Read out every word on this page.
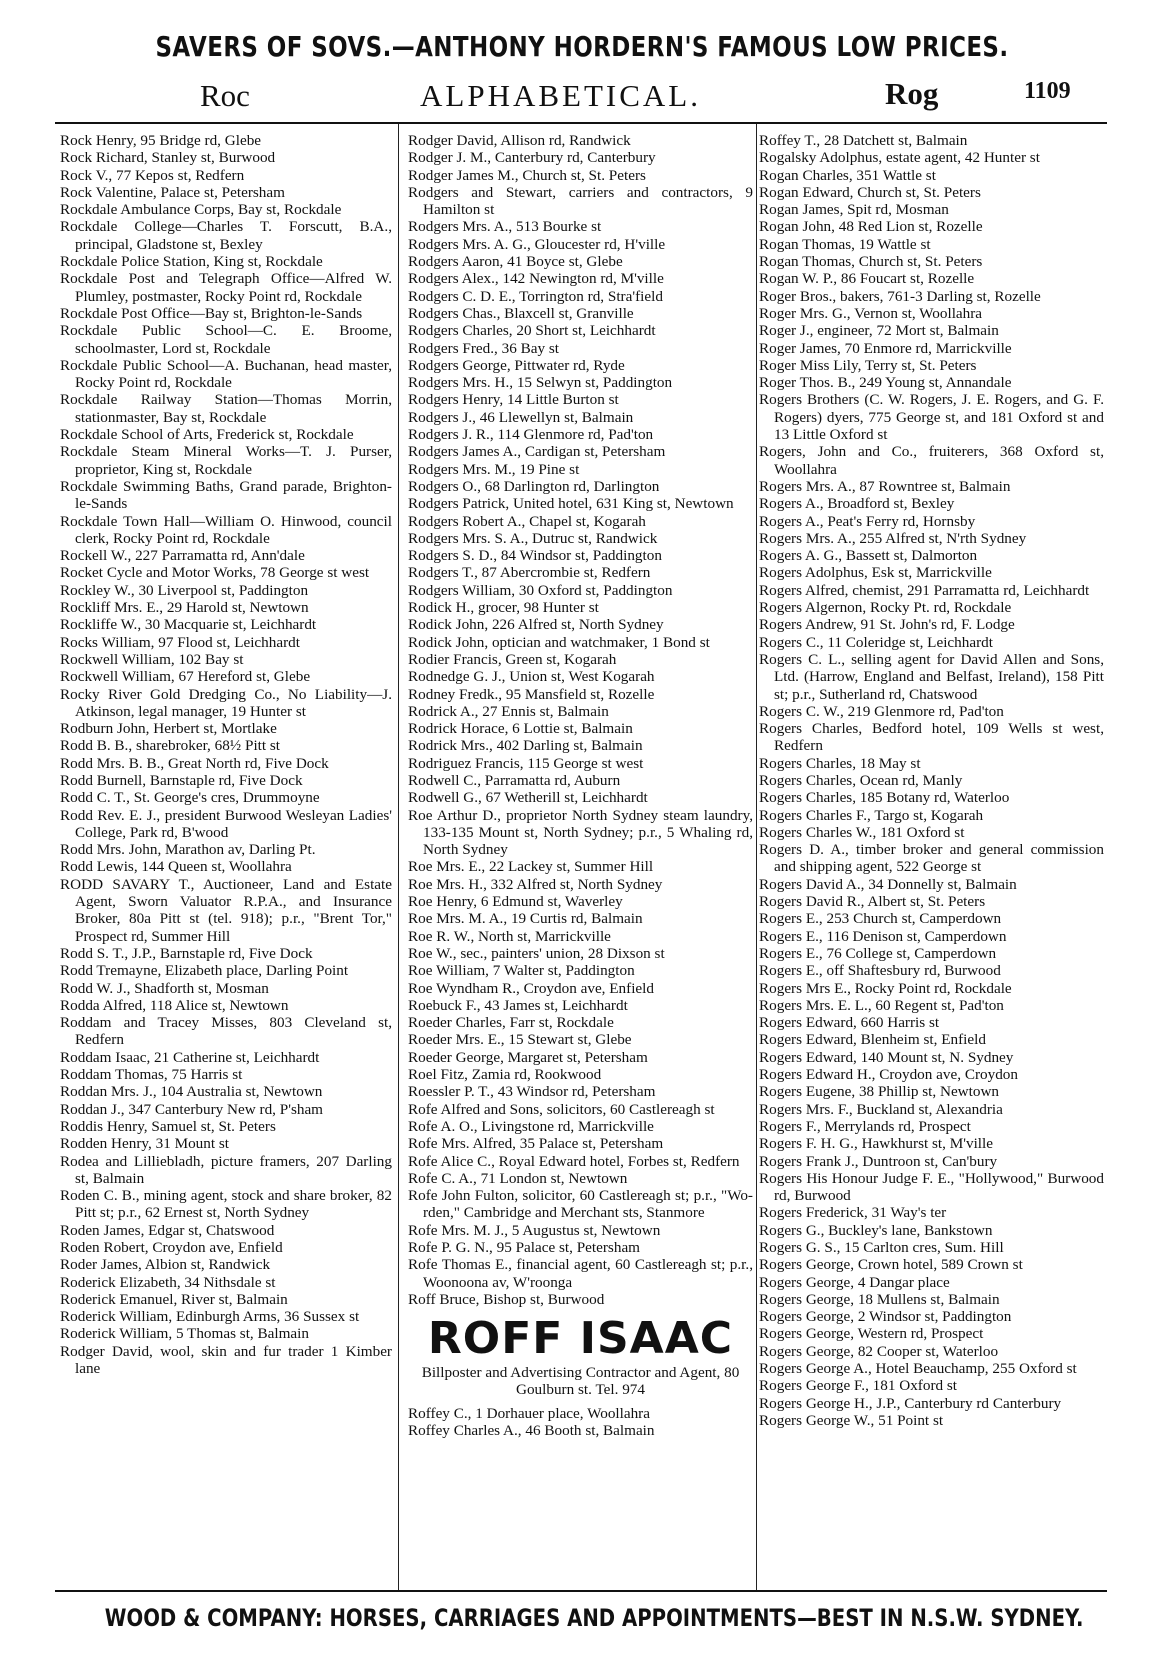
SAVERS OF SOVS.—ANTHONY HORDERN'S FAMOUS LOW PRICES.
Roc	ALPHABETICAL.	Rog	1109

Rock Henry, 95 Bridge rd, Glebe

Rock Richard, Stanley st, Burwood

Rock V., 77 Kepos st, Redfern

Rock Valentine, Palace st, Petersham

Rockdale Ambulance Corps, Bay st, Rockdale

Rockdale College—Charles T. Forscutt, B.A., principal, Gladstone st, Bexley

Rockdale Police Station, King st, Rockdale

Rockdale Post and Telegraph Office—Alfred W. Plumley, postmaster, Rocky Point rd, Rockdale

Rockdale Post Office—Bay st, Brighton-le-Sands

Rockdale Public School—C. E. Broome, schoolmaster, Lord st, Rockdale

Rockdale Public School—A. Buchanan, head master, Rocky Point rd, Rockdale

Rockdale Railway Station—Thomas Morrin, stationmaster, Bay st, Rockdale

Rockdale School of Arts, Frederick st, Rockdale

Rockdale Steam Mineral Works—T. J. Purser, proprietor, King st, Rockdale

Rockdale Swimming Baths, Grand parade, Brighton-le-Sands

Rockdale Town Hall—William O. Hinwood, council clerk, Rocky Point rd, Rockdale

Rockell W., 227 Parramatta rd, Ann'dale

Rocket Cycle and Motor Works, 78 George st west

Rockley W., 30 Liverpool st, Paddington

Rockliff Mrs. E., 29 Harold st, Newtown

Rockliffe W., 30 Macquarie st, Leichhardt

Rocks William, 97 Flood st, Leichhardt

Rockwell William, 102 Bay st

Rockwell William, 67 Hereford st, Glebe

Rocky River Gold Dredging Co., No Liability—J. Atkinson, legal manager, 19 Hunter st

Rodburn John, Herbert st, Mortlake

Rodd B. B., sharebroker, 68½ Pitt st

Rodd Mrs. B. B., Great North rd, Five Dock

Rodd Burnell, Barnstaple rd, Five Dock

Rodd C. T., St. George's cres, Drummoyne

Rodd Rev. E. J., president Burwood Wesleyan Ladies' College, Park rd, B'wood

Rodd Mrs. John, Marathon av, Darling Pt.

Rodd Lewis, 144 Queen st, Woollahra

RODD SAVARY T., Auctioneer, Land and Estate Agent, Sworn Valuator R.P.A., and Insurance Broker, 80a Pitt st (tel. 918); p.r., "Brent Tor," Prospect rd, Summer Hill

Rodd S. T., J.P., Barnstaple rd, Five Dock

Rodd Tremayne, Elizabeth place, Darling Point

Rodd W. J., Shadforth st, Mosman

Rodda Alfred, 118 Alice st, Newtown

Roddam and Tracey Misses, 803 Cleveland st, Redfern

Roddam Isaac, 21 Catherine st, Leichhardt

Roddam Thomas, 75 Harris st

Roddan Mrs. J., 104 Australia st, Newtown

Roddan J., 347 Canterbury New rd, P'sham

Roddis Henry, Samuel st, St. Peters

Rodden Henry, 31 Mount st

Rodea and Lilliebladh, picture framers, 207 Darling st, Balmain

Roden C. B., mining agent, stock and share broker, 82 Pitt st; p.r., 62 Ernest st, North Sydney

Roden James, Edgar st, Chatswood

Roden Robert, Croydon ave, Enfield

Roder James, Albion st, Randwick

Roderick Elizabeth, 34 Nithsdale st

Roderick Emanuel, River st, Balmain

Roderick William, Edinburgh Arms, 36 Sussex st

Roderick William, 5 Thomas st, Balmain

Rodger David, wool, skin and fur trader 1 Kimber lane

Rodger David, Allison rd, Randwick

Rodger J. M., Canterbury rd, Canterbury

Rodger James M., Church st, St. Peters

Rodgers and Stewart, carriers and contractors, 9 Hamilton st

Rodgers Mrs. A., 513 Bourke st

Rodgers Mrs. A. G., Gloucester rd, H'ville

Rodgers Aaron, 41 Boyce st, Glebe

Rodgers Alex., 142 Newington rd, M'ville

Rodgers C. D. E., Torrington rd, Stra'field

Rodgers Chas., Blaxcell st, Granville

Rodgers Charles, 20 Short st, Leichhardt

Rodgers Fred., 36 Bay st

Rodgers George, Pittwater rd, Ryde

Rodgers Mrs. H., 15 Selwyn st, Paddington

Rodgers Henry, 14 Little Burton st

Rodgers J., 46 Llewellyn st, Balmain

Rodgers J. R., 114 Glenmore rd, Pad'ton

Rodgers James A., Cardigan st, Petersham

Rodgers Mrs. M., 19 Pine st

Rodgers O., 68 Darlington rd, Darlington

Rodgers Patrick, United hotel, 631 King st, Newtown

Rodgers Robert A., Chapel st, Kogarah

Rodgers Mrs. S. A., Dutruc st, Randwick

Rodgers S. D., 84 Windsor st, Paddington

Rodgers T., 87 Abercrombie st, Redfern

Rodgers William, 30 Oxford st, Paddington

Rodick H., grocer, 98 Hunter st

Rodick John, 226 Alfred st, North Sydney

Rodick John, optician and watchmaker, 1 Bond st

Rodier Francis, Green st, Kogarah

Rodnedge G. J., Union st, West Kogarah

Rodney Fredk., 95 Mansfield st, Rozelle

Rodrick A., 27 Ennis st, Balmain

Rodrick Horace, 6 Lottie st, Balmain

Rodrick Mrs., 402 Darling st, Balmain

Rodriguez Francis, 115 George st west

Rodwell C., Parramatta rd, Auburn

Rodwell G., 67 Wetherill st, Leichhardt

Roe Arthur D., proprietor North Sydney steam laundry, 133-135 Mount st, North Sydney; p.r., 5 Whaling rd, North Sydney

Roe Mrs. E., 22 Lackey st, Summer Hill

Roe Mrs. H., 332 Alfred st, North Sydney

Roe Henry, 6 Edmund st, Waverley

Roe Mrs. M. A., 19 Curtis rd, Balmain

Roe R. W., North st, Marrickville

Roe W., sec., painters' union, 28 Dixson st

Roe William, 7 Walter st, Paddington

Roe Wyndham R., Croydon ave, Enfield

Roebuck F., 43 James st, Leichhardt

Roeder Charles, Farr st, Rockdale

Roeder Mrs. E., 15 Stewart st, Glebe

Roeder George, Margaret st, Petersham

Roel Fitz, Zamia rd, Rookwood

Roessler P. T., 43 Windsor rd, Petersham

Rofe Alfred and Sons, solicitors, 60 Castlereagh st

Rofe A. O., Livingstone rd, Marrickville

Rofe Mrs. Alfred, 35 Palace st, Petersham

Rofe Alice C., Royal Edward hotel, Forbes st, Redfern

Rofe C. A., 71 London st, Newtown

Rofe John Fulton, solicitor, 60 Castlereagh st; p.r., "Wo-rden," Cambridge and Merchant sts, Stanmore

Rofe Mrs. M. J., 5 Augustus st, Newtown

Rofe P. G. N., 95 Palace st, Petersham

Rofe Thomas E., financial agent, 60 Castlereagh st; p.r., Woonoona av, W'roonga

Roff Bruce, Bishop st, Burwood

ROFF ISAAC
Billposter and Advertising Contractor and Agent, 80 Goulburn st. Tel. 974

Roffey C., 1 Dorhauer place, Woollahra

Roffey Charles A., 46 Booth st, Balmain

Roffey T., 28 Datchett st, Balmain

Rogalsky Adolphus, estate agent, 42 Hunter st

Rogan Charles, 351 Wattle st

Rogan Edward, Church st, St. Peters

Rogan James, Spit rd, Mosman

Rogan John, 48 Red Lion st, Rozelle

Rogan Thomas, 19 Wattle st

Rogan Thomas, Church st, St. Peters

Rogan W. P., 86 Foucart st, Rozelle

Roger Bros., bakers, 761-3 Darling st, Rozelle

Roger Mrs. G., Vernon st, Woollahra

Roger J., engineer, 72 Mort st, Balmain

Roger James, 70 Enmore rd, Marrickville

Roger Miss Lily, Terry st, St. Peters

Roger Thos. B., 249 Young st, Annandale

Rogers Brothers (C. W. Rogers, J. E. Rogers, and G. F. Rogers) dyers, 775 George st, and 181 Oxford st and 13 Little Oxford st

Rogers, John and Co., fruiterers, 368 Oxford st, Woollahra

Rogers Mrs. A., 87 Rowntree st, Balmain

Rogers A., Broadford st, Bexley

Rogers A., Peat's Ferry rd, Hornsby

Rogers Mrs. A., 255 Alfred st, N'rth Sydney

Rogers A. G., Bassett st, Dalmorton

Rogers Adolphus, Esk st, Marrickville

Rogers Alfred, chemist, 291 Parramatta rd, Leichhardt

Rogers Algernon, Rocky Pt. rd, Rockdale

Rogers Andrew, 91 St. John's rd, F. Lodge

Rogers C., 11 Coleridge st, Leichhardt

Rogers C. L., selling agent for David Allen and Sons, Ltd. (Harrow, England and Belfast, Ireland), 158 Pitt st; p.r., Sutherland rd, Chatswood

Rogers C. W., 219 Glenmore rd, Pad'ton

Rogers Charles, Bedford hotel, 109 Wells st west, Redfern

Rogers Charles, 18 May st

Rogers Charles, Ocean rd, Manly

Rogers Charles, 185 Botany rd, Waterloo

Rogers Charles F., Targo st, Kogarah

Rogers Charles W., 181 Oxford st

Rogers D. A., timber broker and general commission and shipping agent, 522 George st

Rogers David A., 34 Donnelly st, Balmain

Rogers David R., Albert st, St. Peters

Rogers E., 253 Church st, Camperdown

Rogers E., 116 Denison st, Camperdown

Rogers E., 76 College st, Camperdown

Rogers E., off Shaftesbury rd, Burwood

Rogers Mrs E., Rocky Point rd, Rockdale

Rogers Mrs. E. L., 60 Regent st, Pad'ton

Rogers Edward, 660 Harris st

Rogers Edward, Blenheim st, Enfield

Rogers Edward, 140 Mount st, N. Sydney

Rogers Edward H., Croydon ave, Croydon

Rogers Eugene, 38 Phillip st, Newtown

Rogers Mrs. F., Buckland st, Alexandria

Rogers F., Merrylands rd, Prospect

Rogers F. H. G., Hawkhurst st, M'ville

Rogers Frank J., Duntroon st, Can'bury

Rogers His Honour Judge F. E., "Hollywood," Burwood rd, Burwood

Rogers Frederick, 31 Way's ter

Rogers G., Buckley's lane, Bankstown

Rogers G. S., 15 Carlton cres, Sum. Hill

Rogers George, Crown hotel, 589 Crown st

Rogers George, 4 Dangar place

Rogers George, 18 Mullens st, Balmain

Rogers George, 2 Windsor st, Paddington

Rogers George, Western rd, Prospect

Rogers George, 82 Cooper st, Waterloo

Rogers George A., Hotel Beauchamp, 255 Oxford st

Rogers George F., 181 Oxford st

Rogers George H., J.P., Canterbury rd Canterbury

Rogers George W., 51 Point st

WOOD & COMPANY: HORSES, CARRIAGES AND APPOINTMENTS—BEST IN N.S.W. SYDNEY.
